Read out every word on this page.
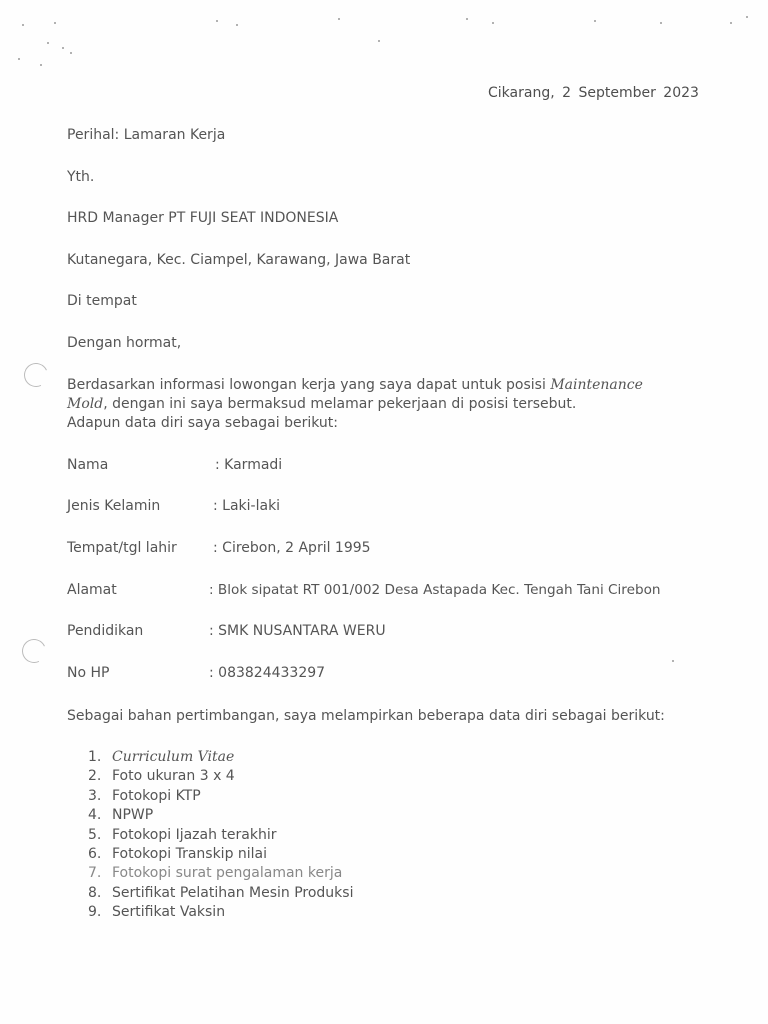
Cikarang, 2 September 2023
Perihal: Lamaran Kerja
Yth.
HRD Manager PT FUJI SEAT INDONESIA
Kutanegara, Kec. Ciampel, Karawang, Jawa Barat
Di tempat
Dengan hormat,
Berdasarkan informasi lowongan kerja yang saya dapat untuk posisi Maintenance
Mold, dengan ini saya bermaksud melamar pekerjaan di posisi tersebut.
Adapun data diri saya sebagai berikut:
Nama	: Karmadi
Jenis Kelamin	: Laki-laki
Tempat/tgl lahir	: Cirebon, 2 April 1995
Alamat	: Blok sipatat RT 001/002 Desa Astapada Kec. Tengah Tani Cirebon
Pendidikan	: SMK NUSANTARA WERU
No HP	: 083824433297
Sebagai bahan pertimbangan, saya melampirkan beberapa data diri sebagai berikut:
1. Curriculum Vitae
2. Foto ukuran 3 x 4
3. Fotokopi KTP
4. NPWP
5. Fotokopi Ijazah terakhir
6. Fotokopi Transkip nilai
7. Fotokopi surat pengalaman kerja
8. Sertifikat Pelatihan Mesin Produksi
9. Sertifikat Vaksin
